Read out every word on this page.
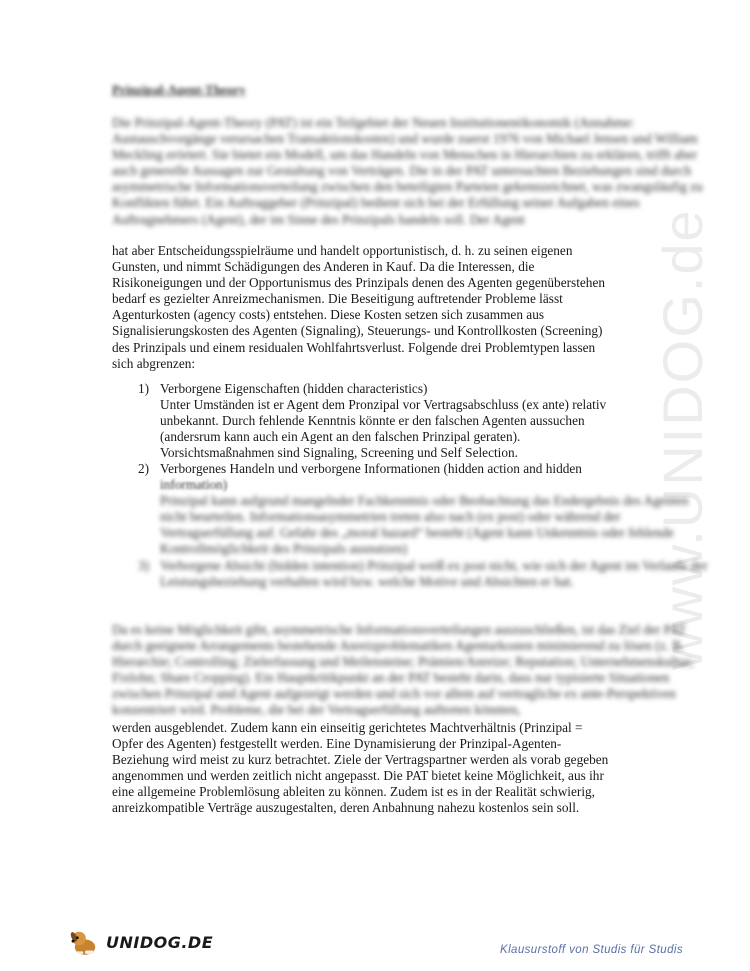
www.UNIDOG.de
Prinzipal-Agent-Theory
Die Prinzipal-Agent-Theory (PAT) ist ein Teilgebiet der Neuen Institutionenökonomik (Annahme: Austauschvorgänge verursachen Transaktionskosten) und wurde zuerst 1976 von Michael Jensen und William Meckling erörtert. Sie bietet ein Modell, um das Handeln von Menschen in Hierarchien zu erklären, trifft aber auch generelle Aussagen zur Gestaltung von Verträgen. Die in der PAT untersuchten Beziehungen sind durch asymmetrische Informationsverteilung zwischen den beteiligten Parteien gekennzeichnet, was zwangsläufig zu Konflikten führt. Ein Auftraggeber (Prinzipal) bedient sich bei der Erfüllung seiner Aufgaben eines Auftragnehmers (Agent), der im Sinne des Prinzipals handeln soll. Der Agent
hat aber Entscheidungsspielräume und handelt opportunistisch, d. h. zu seinen eigenen
Gunsten, und nimmt Schädigungen des Anderen in Kauf. Da die Interessen, die
Risikoneigungen und der Opportunismus des Prinzipals denen des Agenten gegenüberstehen
bedarf es gezielter Anreizmechanismen. Die Beseitigung auftretender Probleme lässt
Agenturkosten (agency costs) entstehen. Diese Kosten setzen sich zusammen aus
Signalisierungskosten des Agenten (Signaling), Steuerungs- und Kontrollkosten (Screening)
des Prinzipals und einem residualen Wohlfahrtsverlust. Folgende drei Problemtypen lassen
sich abgrenzen:
1) Verborgene Eigenschaften (hidden characteristics)
Unter Umständen ist er Agent dem Pronzipal vor Vertragsabschluss (ex ante) relativ
unbekannt. Durch fehlende Kenntnis könnte er den falschen Agenten aussuchen
(andersrum kann auch ein Agent an den falschen Prinzipal geraten).
Vorsichtsmaßnahmen sind Signaling, Screening und Self Selection.
2) Verborgenes Handeln und verborgene Informationen (hidden action and hidden
information)
Prinzipal kann aufgrund mangelnder Fachkenntnis oder Beobachtung das Endergebnis des Agenten nicht beurteilen. Informationsasymmetrien treten also nach (ex post) oder während der Vertragserfüllung auf. Gefahr des „moral hazard“ besteht (Agent kann Unkenntnis oder fehlende Kontrollmöglichkeit des Prinzipals ausnutzen)
3) Verborgene Absicht (hidden intention) Prinzipal weiß ex post nicht, wie sich der Agent im Verlaufe der Leistungsbeziehung verhalten wird bzw. welche Motive und Absichten er hat.
Da es keine Möglichkeit gibt, asymmetrische Informationsverteilungen auszuschließen, ist das Ziel der PAT durch geeignete Arrangements bestehende Anreizproblematiken Agenturkosten minimierend zu lösen (z. B. Hierarchie; Controlling; Zielerfassung und Meilensteine; Prämien/Anreize; Reputation; Unternehmenskultur; Fixlohn; Share Cropping). Ein Hauptkritikpunkt an der PAT besteht darin, dass nur typisierte Situationen zwischen Prinzipal und Agent aufgezeigt werden und sich vor allem auf vertragliche ex ante-Perspektiven konzentriert wird. Probleme, die bei der Vertragserfüllung auftreten könnten,
werden ausgeblendet. Zudem kann ein einseitig gerichtetes Machtverhältnis (Prinzipal =
Opfer des Agenten) festgestellt werden. Eine Dynamisierung der Prinzipal-Agenten-
Beziehung wird meist zu kurz betrachtet. Ziele der Vertragspartner werden als vorab gegeben
angenommen und werden zeitlich nicht angepasst. Die PAT bietet keine Möglichkeit, aus ihr
eine allgemeine Problemlösung ableiten zu können. Zudem ist es in der Realität schwierig,
anreizkompatible Verträge auszugestalten, deren Anbahnung nahezu kostenlos sein soll.
UNIDOG.DE	Klausurstoff von Studis für Studis
